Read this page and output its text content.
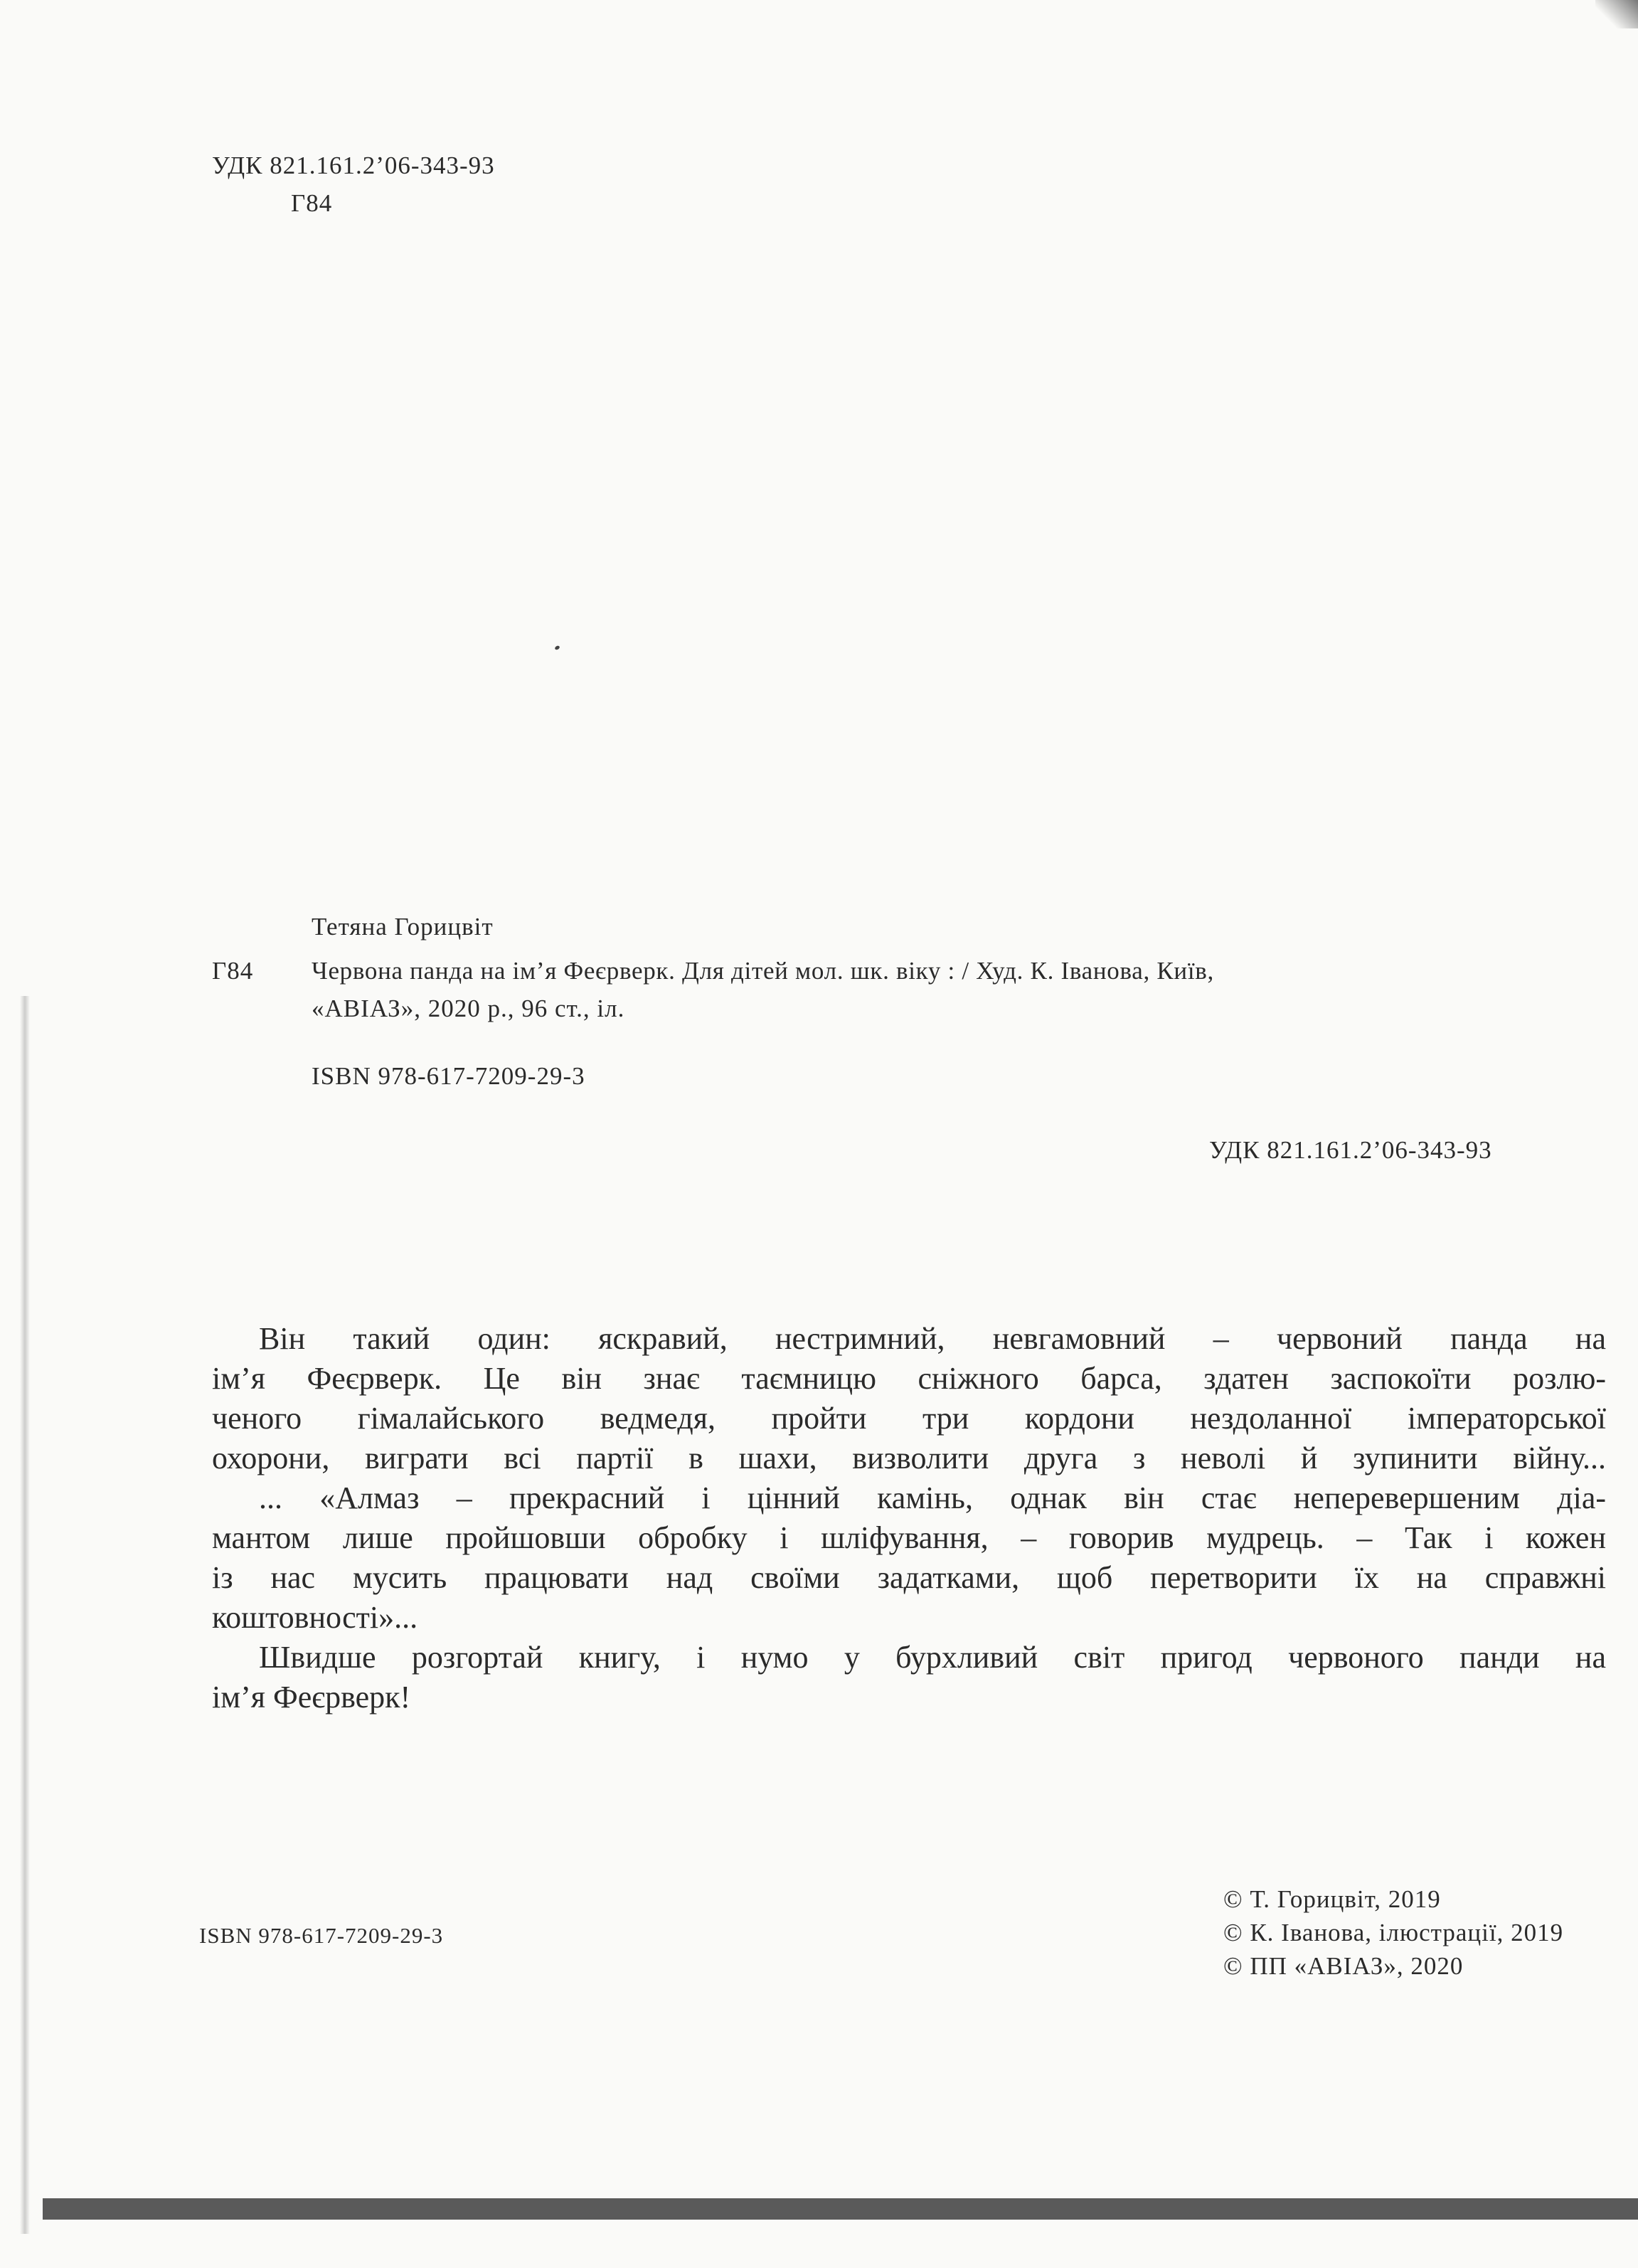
УДК 821.161.2’06-343-93
Г84
Тетяна Горицвіт
Г84 Червона панда на ім’я Феєрверк. Для дітей мол. шк. віку : / Худ. К. Іванова, Київ,
«АВІАЗ», 2020 р., 96 ст., іл.
ISBN 978-617-7209-29-3
УДК 821.161.2’06-343-93

Він такий один: яскравий, нестримний, невгамовний – червоний панда на

ім’я Феєрверк. Це він знає таємницю сніжного барса, здатен заспокоїти розлю-

ченого гімалайського ведмедя, пройти три кордони нездоланної імператорської

охорони, виграти всі партії в шахи, визволити друга з неволі й зупинити війну...

... «Алмаз – прекрасний і цінний камінь, однак він стає неперевершеним діа-

мантом лише пройшовши обробку і шліфування, – говорив мудрець. – Так і кожен

із нас мусить працювати над своїми задатками, щоб перетворити їх на справжні

коштовності»...

Швидше розгортай книгу, і нумо у бурхливий світ пригод червоного панди на

ім’я Феєрверк!

ISBN 978-617-7209-29-3
© Т. Горицвіт, 2019
© К. Іванова, ілюстрації, 2019
© ПП «АВІАЗ», 2020
